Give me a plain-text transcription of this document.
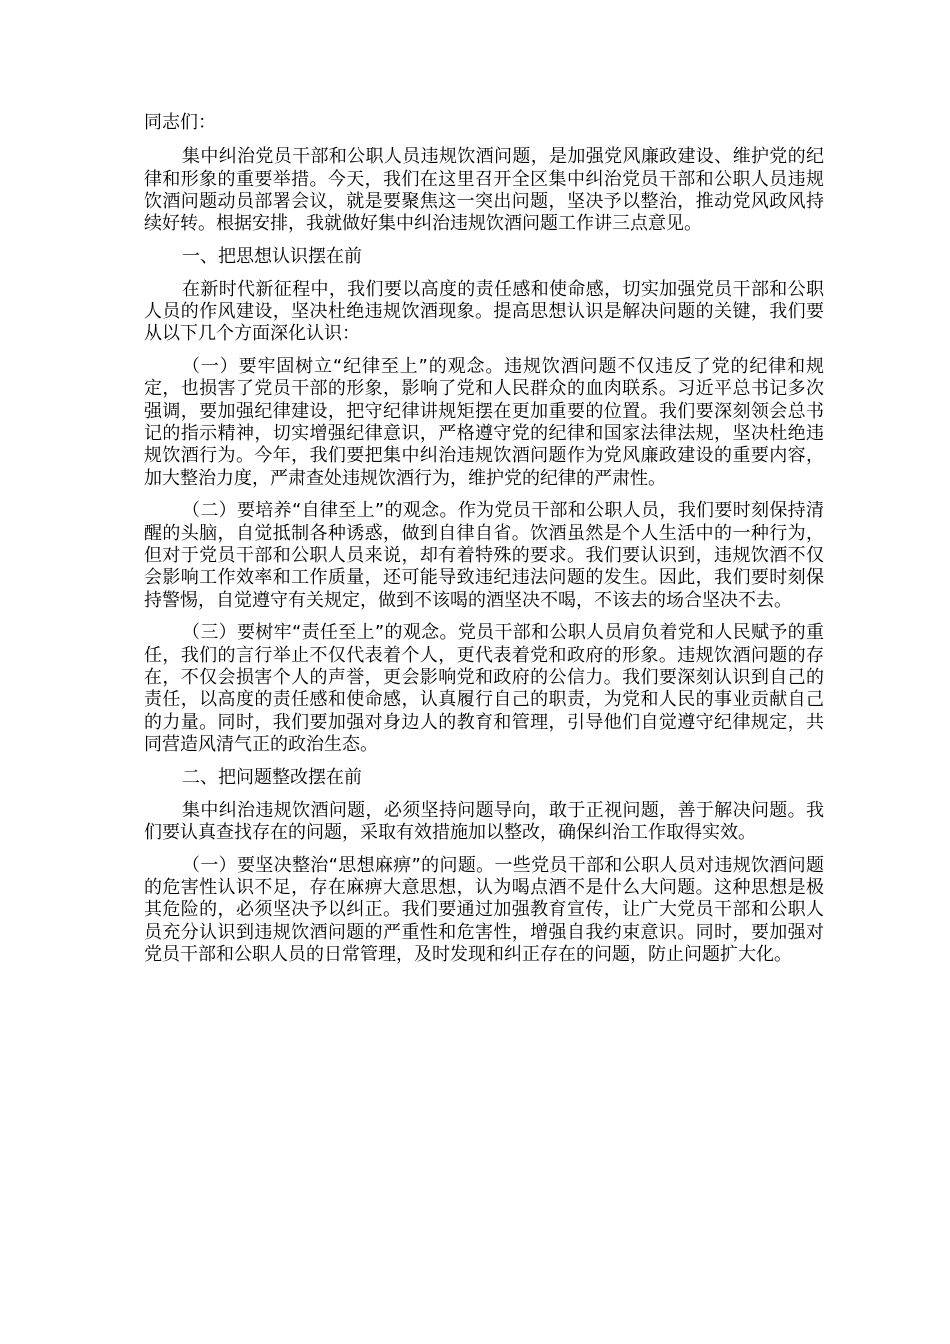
同志们：

集中纠治党员干部和公职人员违规饮酒问题，是加强党风廉政建设、维护党的纪律和形象的重要举措。今天，我们在这里召开全区集中纠治党员干部和公职人员违规饮酒问题动员部署会议，就是要聚焦这一突出问题，坚决予以整治，推动党风政风持续好转。根据安排，我就做好集中纠治违规饮酒问题工作讲三点意见。

一、把思想认识摆在前

在新时代新征程中，我们要以高度的责任感和使命感，切实加强党员干部和公职人员的作风建设，坚决杜绝违规饮酒现象。提高思想认识是解决问题的关键，我们要从以下几个方面深化认识：

（一）要牢固树立“纪律至上”的观念。违规饮酒问题不仅违反了党的纪律和规定，也损害了党员干部的形象，影响了党和人民群众的血肉联系。习近平总书记多次强调，要加强纪律建设，把守纪律讲规矩摆在更加重要的位置。我们要深刻领会总书记的指示精神，切实增强纪律意识，严格遵守党的纪律和国家法律法规，坚决杜绝违规饮酒行为。今年，我们要把集中纠治违规饮酒问题作为党风廉政建设的重要内容，加大整治力度，严肃查处违规饮酒行为，维护党的纪律的严肃性。

（二）要培养“自律至上”的观念。作为党员干部和公职人员，我们要时刻保持清醒的头脑，自觉抵制各种诱惑，做到自律自省。饮酒虽然是个人生活中的一种行为，但对于党员干部和公职人员来说，却有着特殊的要求。我们要认识到，违规饮酒不仅会影响工作效率和工作质量，还可能导致违纪违法问题的发生。因此，我们要时刻保持警惕，自觉遵守有关规定，做到不该喝的酒坚决不喝，不该去的场合坚决不去。

（三）要树牢“责任至上”的观念。党员干部和公职人员肩负着党和人民赋予的重任，我们的言行举止不仅代表着个人，更代表着党和政府的形象。违规饮酒问题的存在，不仅会损害个人的声誉，更会影响党和政府的公信力。我们要深刻认识到自己的责任，以高度的责任感和使命感，认真履行自己的职责，为党和人民的事业贡献自己的力量。同时，我们要加强对身边人的教育和管理，引导他们自觉遵守纪律规定，共同营造风清气正的政治生态。

二、把问题整改摆在前

集中纠治违规饮酒问题，必须坚持问题导向，敢于正视问题，善于解决问题。我们要认真查找存在的问题，采取有效措施加以整改，确保纠治工作取得实效。

（一）要坚决整治“思想麻痹”的问题。一些党员干部和公职人员对违规饮酒问题的危害性认识不足，存在麻痹大意思想，认为喝点酒不是什么大问题。这种思想是极其危险的，必须坚决予以纠正。我们要通过加强教育宣传，让广大党员干部和公职人员充分认识到违规饮酒问题的严重性和危害性，增强自我约束意识。同时，要加强对党员干部和公职人员的日常管理，及时发现和纠正存在的问题，防止问题扩大化。
